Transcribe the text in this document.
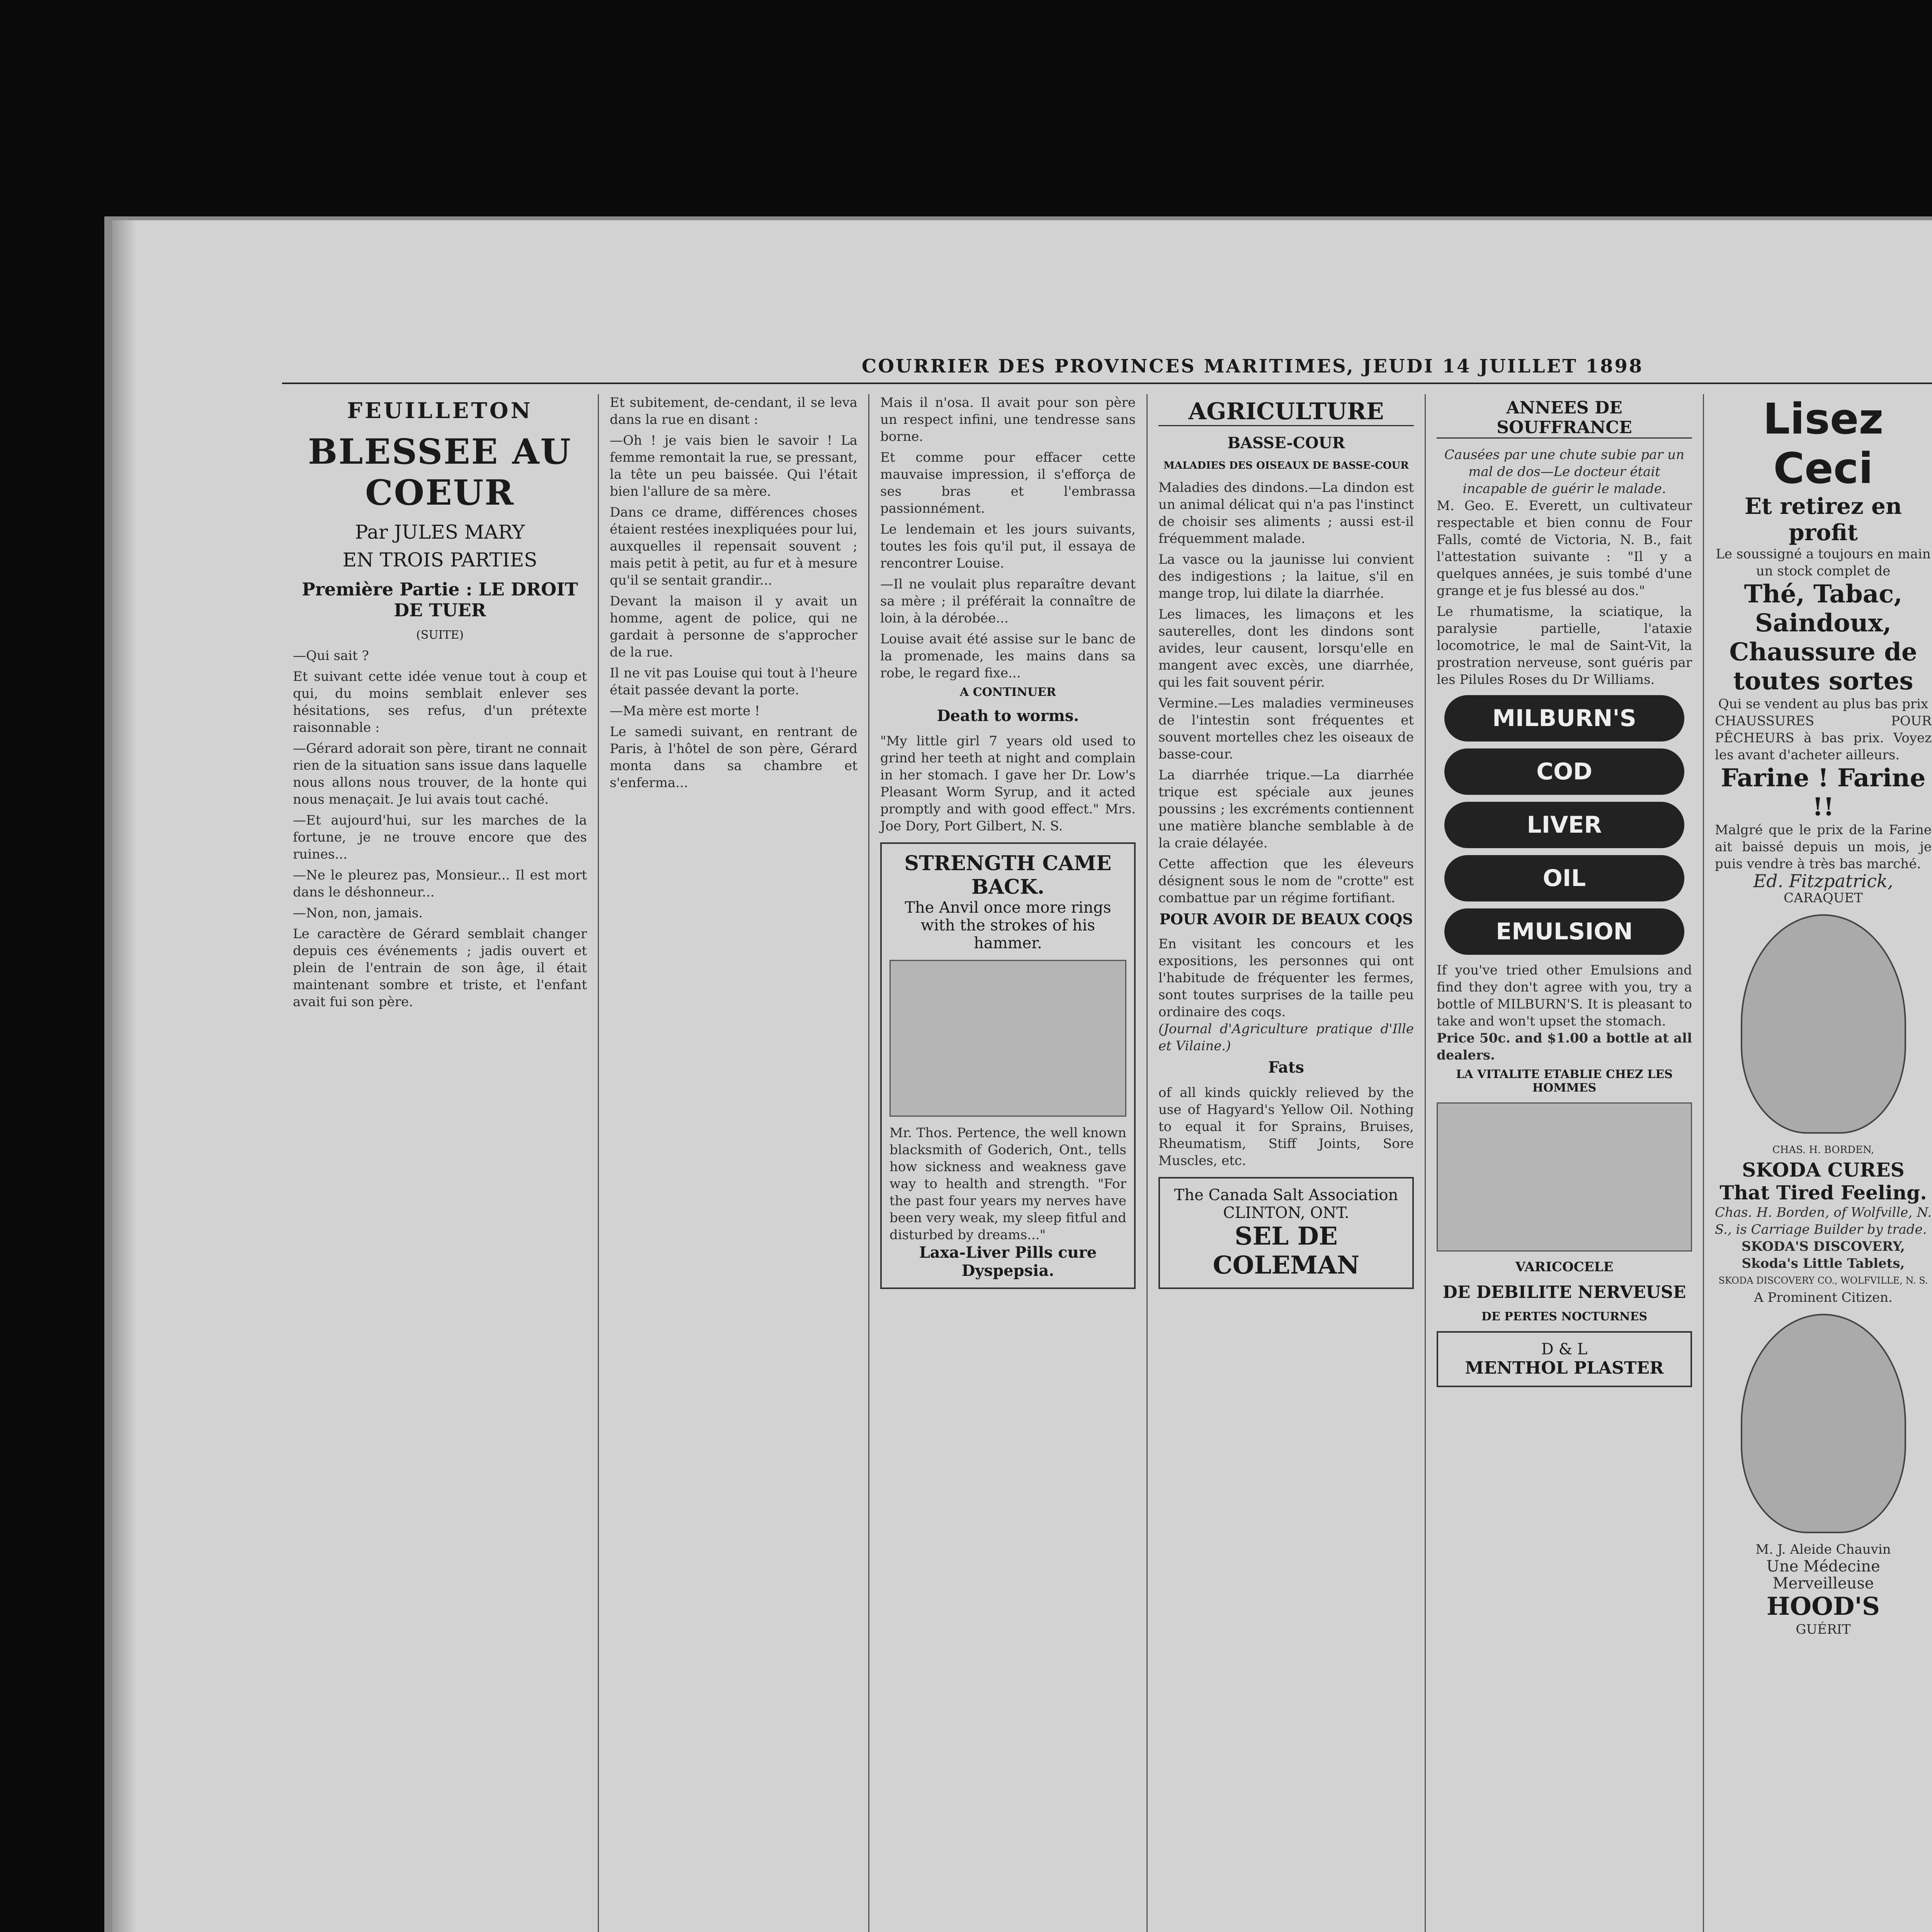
COURRIER DES PROVINCES MARITIMES, JEUDI 14 JUILLET 1898
FEUILLETON
BLESSEE AU COEUR
Par JULES MARY
EN TROIS PARTIES
Première Partie : LE DROIT DE TUER
(SUITE)

—Qui sait ?

Et suivant cette idée venue tout à coup et qui, du moins semblait enlever ses hésitations, ses refus, d'un prétexte raisonnable :

—Gérard adorait son père, tirant ne connait rien de la situation sans issue dans laquelle nous allons nous trouver, de la honte qui nous menaçait. Je lui avais tout caché.

—Et aujourd'hui, sur les marches de la fortune, je ne trouve encore que des ruines...

—Ne le pleurez pas, Monsieur... Il est mort dans le déshonneur...

—Non, non, jamais.

Le caractère de Gérard semblait changer depuis ces événements ; jadis ouvert et plein de l'entrain de son âge, il était maintenant sombre et triste, et l'enfant avait fui son père.

Et subitement, de-cendant, il se leva dans la rue en disant :

—Oh ! je vais bien le savoir ! La femme remontait la rue, se pressant, la tête un peu baissée. Qui l'était bien l'allure de sa mère.

Dans ce drame, différences choses étaient restées inexpliquées pour lui, auxquelles il repensait souvent ; mais petit à petit, au fur et à mesure qu'il se sentait grandir...

Devant la maison il y avait un homme, agent de police, qui ne gardait à personne de s'approcher de la rue.

Il ne vit pas Louise qui tout à l'heure était passée devant la porte.

—Ma mère est morte !

Le samedi suivant, en rentrant de Paris, à l'hôtel de son père, Gérard monta dans sa chambre et s'enferma...

Mais il n'osa. Il avait pour son père un respect infini, une tendresse sans borne.

Et comme pour effacer cette mauvaise impression, il s'efforça de ses bras et l'embrassa passionnément.

Le lendemain et les jours suivants, toutes les fois qu'il put, il essaya de rencontrer Louise.

—Il ne voulait plus reparaître devant sa mère ; il préférait la connaître de loin, à la dérobée...

Louise avait été assise sur le banc de la promenade, les mains dans sa robe, le regard fixe...

A CONTINUER
Death to worms.
"My little girl 7 years old used to grind her teeth at night and complain in her stomach. I gave her Dr. Low's Pleasant Worm Syrup, and it acted promptly and with good effect." Mrs. Joe Dory, Port Gilbert, N. S.
STRENGTH CAME BACK.
The Anvil once more rings with the strokes of his hammer.
Mr. Thos. Pertence, the well known blacksmith of Goderich, Ont., tells how sickness and weakness gave way to health and strength. "For the past four years my nerves have been very weak, my sleep fitful and disturbed by dreams..."
Laxa-Liver Pills cure Dyspepsia.
AGRICULTURE
BASSE-COUR
MALADIES DES OISEAUX DE BASSE-COUR

Maladies des dindons.—La dindon est un animal délicat qui n'a pas l'instinct de choisir ses aliments ; aussi est-il fréquemment malade.

La vasce ou la jaunisse lui convient des indigestions ; la laitue, s'il en mange trop, lui dilate la diarrhée.

Les limaces, les limaçons et les sauterelles, dont les dindons sont avides, leur causent, lorsqu'elle en mangent avec excès, une diarrhée, qui les fait souvent périr.

Vermine.—Les maladies vermineuses de l'intestin sont fréquentes et souvent mortelles chez les oiseaux de basse-cour.

La diarrhée trique.—La diarrhée trique est spéciale aux jeunes poussins ; les excréments contiennent une matière blanche semblable à de la craie délayée.

Cette affection que les éleveurs désignent sous le nom de "crotte" est combattue par un régime fortifiant.

POUR AVOIR DE BEAUX COQS
En visitant les concours et les expositions, les personnes qui ont l'habitude de fréquenter les fermes, sont toutes surprises de la taille peu ordinaire des coqs.
(Journal d'Agriculture pratique d'Ille et Vilaine.)
Fats
of all kinds quickly relieved by the use of Hagyard's Yellow Oil. Nothing to equal it for Sprains, Bruises, Rheumatism, Stiff Joints, Sore Muscles, etc.
The Canada Salt Association
CLINTON, ONT.
SEL DE COLEMAN
ANNEES DE SOUFFRANCE
Causées par une chute subie par un mal de dos—Le docteur était incapable de guérir le malade.

M. Geo. E. Everett, un cultivateur respectable et bien connu de Four Falls, comté de Victoria, N. B., fait l'attestation suivante : "Il y a quelques années, je suis tombé d'une grange et je fus blessé au dos."

Le rhumatisme, la sciatique, la paralysie partielle, l'ataxie locomotrice, le mal de Saint-Vit, la prostration nerveuse, sont guéris par les Pilules Roses du Dr Williams.

MILBURN'S
COD
LIVER
OIL
EMULSION
If you've tried other Emulsions and find they don't agree with you, try a bottle of MILBURN'S. It is pleasant to take and won't upset the stomach.
Price 50c. and $1.00 a bottle at all dealers.
LA VITALITE ETABLIE CHEZ LES HOMMES
VARICOCELE
DE DEBILITE NERVEUSE
DE PERTES NOCTURNES
D & L
MENTHOL PLASTER
Lisez Ceci
Et retirez en profit
Le soussigné a toujours en main un stock complet de
Thé, Tabac, Saindoux, Chaussure de toutes sortes
Qui se vendent au plus bas prix
CHAUSSURES POUR PÊCHEURS à bas prix. Voyez les avant d'acheter ailleurs.
Farine ! Farine !!
Malgré que le prix de la Farine ait baissé depuis un mois, je puis vendre à très bas marché.
Ed. Fitzpatrick,
CARAQUET
CHAS. H. BORDEN,
SKODA CURES
That Tired Feeling.
Chas. H. Borden, of Wolfville, N. S., is Carriage Builder by trade.
SKODA'S DISCOVERY,
Skoda's Little Tablets,
SKODA DISCOVERY CO., WOLFVILLE, N. S.
A Prominent Citizen.
M. J. Aleide Chauvin
Une Médecine Merveilleuse
HOOD'S
GUÉRIT
